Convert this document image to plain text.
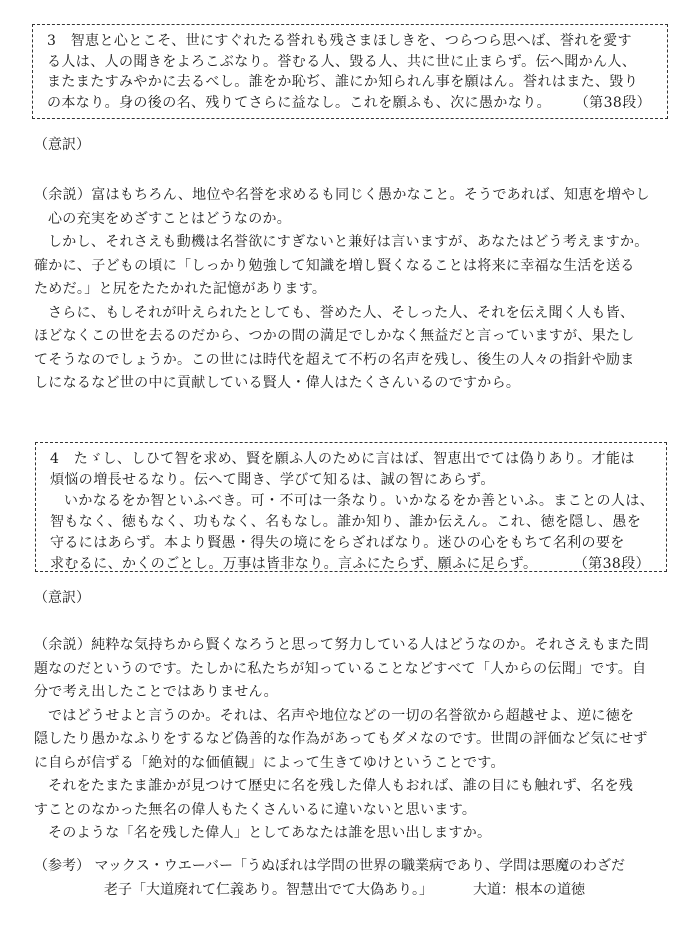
3　智恵と心とこそ、世にすぐれたる誉れも残さまほしきを、つらつら思へば、誉れを愛す
る人は、人の聞きをよろこぶなり。誉むる人、毀る人、共に世に止まらず。伝へ聞かん人、
またまたすみやかに去るべし。誰をか恥ぢ、誰にか知られん事を願はん。誉れはまた、毀り
の本なり。身の後の名、残りてさらに益なし。これを願ふも、次に愚かなり。 （第38段）
（意訳）
（余説）富はもちろん、地位や名誉を求めるも同じく愚かなこと。そうであれば、知恵を増やし
心の充実をめざすことはどうなのか。
しかし、それさえも動機は名誉欲にすぎないと兼好は言いますが、あなたはどう考えますか。
確かに、子どもの頃に「しっかり勉強して知識を増し賢くなることは将来に幸福な生活を送る
ためだ。」と尻をたたかれた記憶があります。
さらに、もしそれが叶えられたとしても、誉めた人、そしった人、それを伝え聞く人も皆、
ほどなくこの世を去るのだから、つかの間の満足でしかなく無益だと言っていますが、果たし
てそうなのでしょうか。この世には時代を超えて不朽の名声を残し、後生の人々の指針や励ま
しになるなど世の中に貢献している賢人・偉人はたくさんいるのですから。
4　たゞし、しひて智を求め、賢を願ふ人のために言はば、智恵出でては偽りあり。才能は
煩悩の増長せるなり。伝へて聞き、学びて知るは、誠の智にあらず。
いかなるをか智といふべき。可・不可は一条なり。いかなるをか善といふ。まことの人は、
智もなく、徳もなく、功もなく、名もなし。誰か知り、誰か伝えん。これ、徳を隠し、愚を
守るにはあらず。本より賢愚・得失の境にをらざればなり。迷ひの心をもちて名利の要を
求むるに、かくのごとし。万事は皆非なり。言ふにたらず、願ふに足らず。	（第38段）
（意訳）
（余説）純粋な気持ちから賢くなろうと思って努力している人はどうなのか。それさえもまた問
題なのだというのです。たしかに私たちが知っていることなどすべて「人からの伝聞」です。自
分で考え出したことではありません。
ではどうせよと言うのか。それは、名声や地位などの一切の名誉欲から超越せよ、逆に徳を
隠したり愚かなふりをするなど偽善的な作為があってもダメなのです。世間の評価など気にせず
に自らが信ずる「絶対的な価値観」によって生きてゆけということです。
それをたまたま誰かが見つけて歴史に名を残した偉人もおれば、誰の目にも触れず、名を残
すことのなかった無名の偉人もたくさんいるに違いないと思います。
そのような「名を残した偉人」としてあなたは誰を思い出しますか。
（参考） マックス・ウエーバー「うぬぼれは学問の世界の職業病であり、学問は悪魔のわざだ
老子「大道廃れて仁義あり。智慧出でて大偽あり。」	大道：根本の道徳
